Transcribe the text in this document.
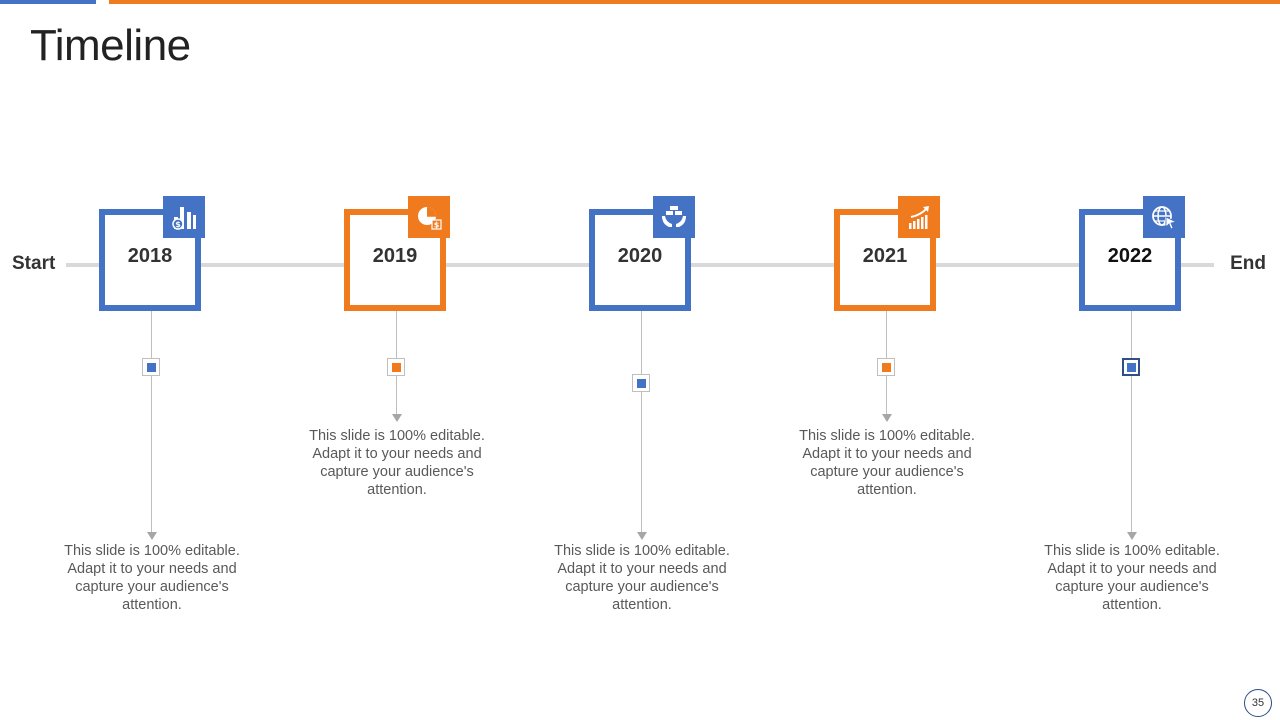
Timeline
Start	End
2018
$
This slide is 100% editable. Adapt it to your needs and capture your audience's attention.
2019
$
This slide is 100% editable. Adapt it to your needs and capture your audience's attention.
2020
This slide is 100% editable. Adapt it to your needs and capture your audience's attention.
2021
This slide is 100% editable. Adapt it to your needs and capture your audience's attention.
2022
This slide is 100% editable. Adapt it to your needs and capture your audience's attention.
35
